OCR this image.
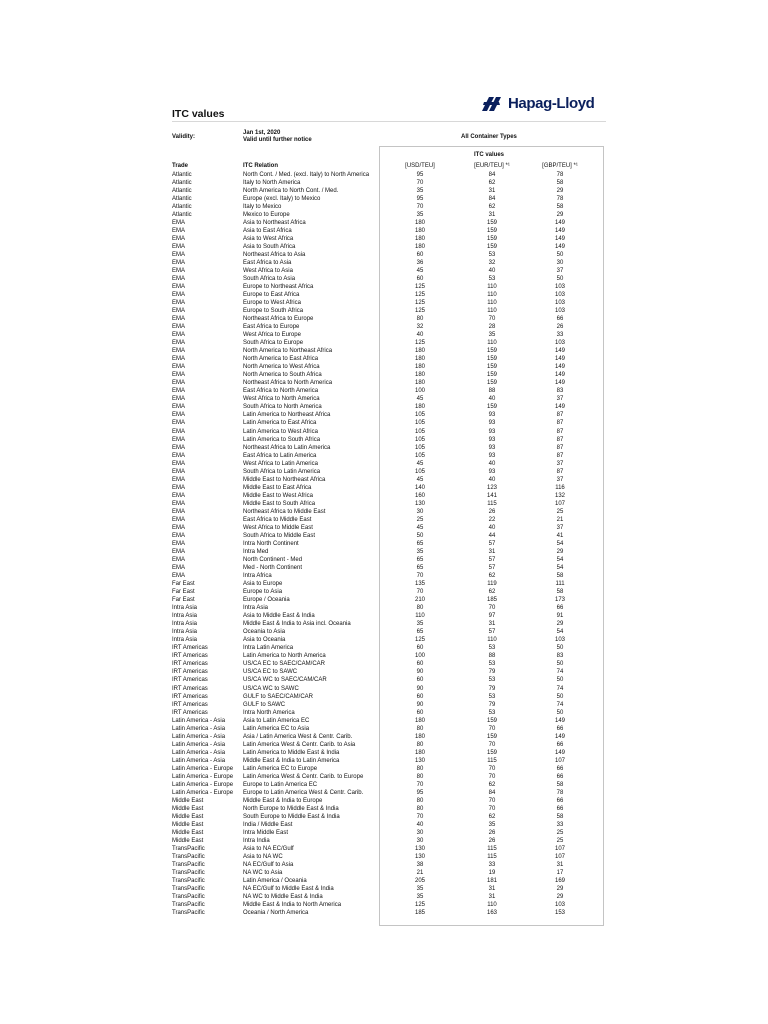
ITC values
Hapag-Lloyd
Validity:
Jan 1st, 2020
Valid until further notice	All Container Types
ITC values
Trade	ITC Relation	[USD/TEU]	[EUR/TEU] *¹	[GBP/TEU] *¹
Atlantic	North Cont. / Med. (excl. Italy) to North America	95	84	78
Atlantic	Italy to North America	70	62	58
Atlantic	North America to North Cont. / Med.	35	31	29
Atlantic	Europe (excl. Italy) to Mexico	95	84	78
Atlantic	Italy to Mexico	70	62	58
Atlantic	Mexico to Europe	35	31	29
EMA	Asia to Northeast Africa	180	159	149
EMA	Asia to East Africa	180	159	149
EMA	Asia to West Africa	180	159	149
EMA	Asia to South Africa	180	159	149
EMA	Northeast Africa to Asia	60	53	50
EMA	East Africa to Asia	36	32	30
EMA	West Africa to Asia	45	40	37
EMA	South Africa to Asia	60	53	50
EMA	Europe to Northeast Africa	125	110	103
EMA	Europe to East Africa	125	110	103
EMA	Europe to West Africa	125	110	103
EMA	Europe to South Africa	125	110	103
EMA	Northeast Africa to Europe	80	70	66
EMA	East Africa to Europe	32	28	26
EMA	West Africa to Europe	40	35	33
EMA	South Africa to Europe	125	110	103
EMA	North America to Northeast Africa	180	159	149
EMA	North America to East Africa	180	159	149
EMA	North America to West Africa	180	159	149
EMA	North America to South Africa	180	159	149
EMA	Northeast Africa to North America	180	159	149
EMA	East Africa to North America	100	88	83
EMA	West Africa to North America	45	40	37
EMA	South Africa to North America	180	159	149
EMA	Latin America to Northeast Africa	105	93	87
EMA	Latin America to East Africa	105	93	87
EMA	Latin America to West Africa	105	93	87
EMA	Latin America to South Africa	105	93	87
EMA	Northeast Africa to Latin America	105	93	87
EMA	East Africa to Latin America	105	93	87
EMA	West Africa to Latin America	45	40	37
EMA	South Africa to Latin America	105	93	87
EMA	Middle East to Northeast Africa	45	40	37
EMA	Middle East to East Africa	140	123	116
EMA	Middle East to West Africa	160	141	132
EMA	Middle East to South Africa	130	115	107
EMA	Northeast Africa to Middle East	30	26	25
EMA	East Africa to Middle East	25	22	21
EMA	West Africa to Middle East	45	40	37
EMA	South Africa to Middle East	50	44	41
EMA	Intra North Continent	65	57	54
EMA	Intra Med	35	31	29
EMA	North Continent - Med	65	57	54
EMA	Med - North Continent	65	57	54
EMA	Intra Africa	70	62	58
Far East	Asia to Europe	135	119	111
Far East	Europe to Asia	70	62	58
Far East	Europe / Oceania	210	185	173
Intra Asia	Intra Asia	80	70	66
Intra Asia	Asia to Middle East & India	110	97	91
Intra Asia	Middle East & India to Asia incl. Oceania	35	31	29
Intra Asia	Oceania to Asia	65	57	54
Intra Asia	Asia to Oceania	125	110	103
IRT Americas	Intra Latin America	60	53	50
IRT Americas	Latin America to North America	100	88	83
IRT Americas	US/CA EC to SAEC/CAM/CAR	60	53	50
IRT Americas	US/CA EC to SAWC	90	79	74
IRT Americas	US/CA WC to SAEC/CAM/CAR	60	53	50
IRT Americas	US/CA WC to SAWC	90	79	74
IRT Americas	GULF to SAEC/CAM/CAR	60	53	50
IRT Americas	GULF to SAWC	90	79	74
IRT Americas	Intra North America	60	53	50
Latin America - Asia	Asia to Latin America EC	180	159	149
Latin America - Asia	Latin America EC to Asia	80	70	66
Latin America - Asia	Asia / Latin America West & Centr. Carib.	180	159	149
Latin America - Asia	Latin America West & Centr. Carib. to Asia	80	70	66
Latin America - Asia	Latin America to Middle East & India	180	159	149
Latin America - Asia	Middle East & India to Latin America	130	115	107
Latin America - Europe	Latin America EC to Europe	80	70	66
Latin America - Europe	Latin America West & Centr. Carib. to Europe	80	70	66
Latin America - Europe	Europe to Latin America EC	70	62	58
Latin America - Europe	Europe to Latin America West & Centr. Carib.	95	84	78
Middle East	Middle East & India to Europe	80	70	66
Middle East	North Europe to Middle East & India	80	70	66
Middle East	South Europe to Middle East & India	70	62	58
Middle East	India / Middle East	40	35	33
Middle East	Intra Middle East	30	26	25
Middle East	Intra India	30	26	25
TransPacific	Asia to NA EC/Gulf	130	115	107
TransPacific	Asia to NA WC	130	115	107
TransPacific	NA EC/Gulf to Asia	38	33	31
TransPacific	NA WC to Asia	21	19	17
TransPacific	Latin America / Oceania	205	181	169
TransPacific	NA EC/Gulf to Middle East & India	35	31	29
TransPacific	NA WC to Middle East & India	35	31	29
TransPacific	Middle East & India to North America	125	110	103
TransPacific	Oceania / North America	185	163	153
